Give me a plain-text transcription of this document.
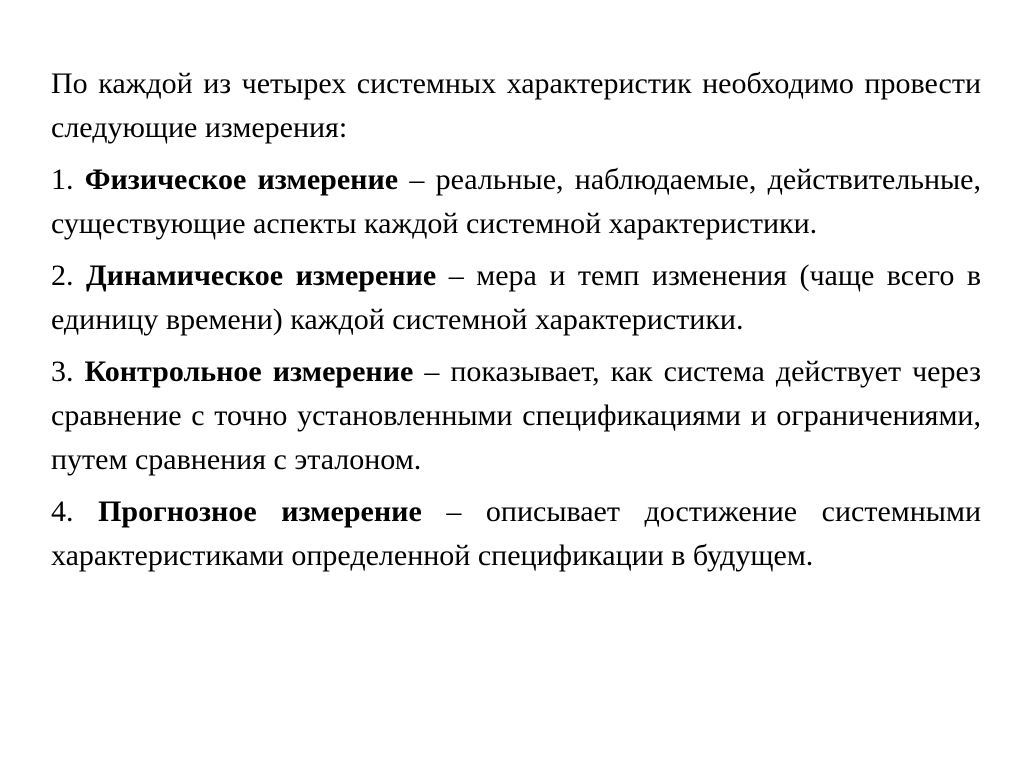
По каждой из четырех системных характеристик необходимо провести следующие измерения:

1. Физическое измерение – реальные, наблюдаемые, действительные, существующие аспекты каждой системной характеристики.

2. Динамическое измерение – мера и темп изменения (чаще всего в единицу времени) каждой системной характеристики.

3. Контрольное измерение – показывает, как система действует через сравнение с точно установленными спецификациями и ограничениями, путем сравнения с эталоном.

4. Прогнозное измерение – описывает достижение системными характеристиками определенной спецификации в будущем.
